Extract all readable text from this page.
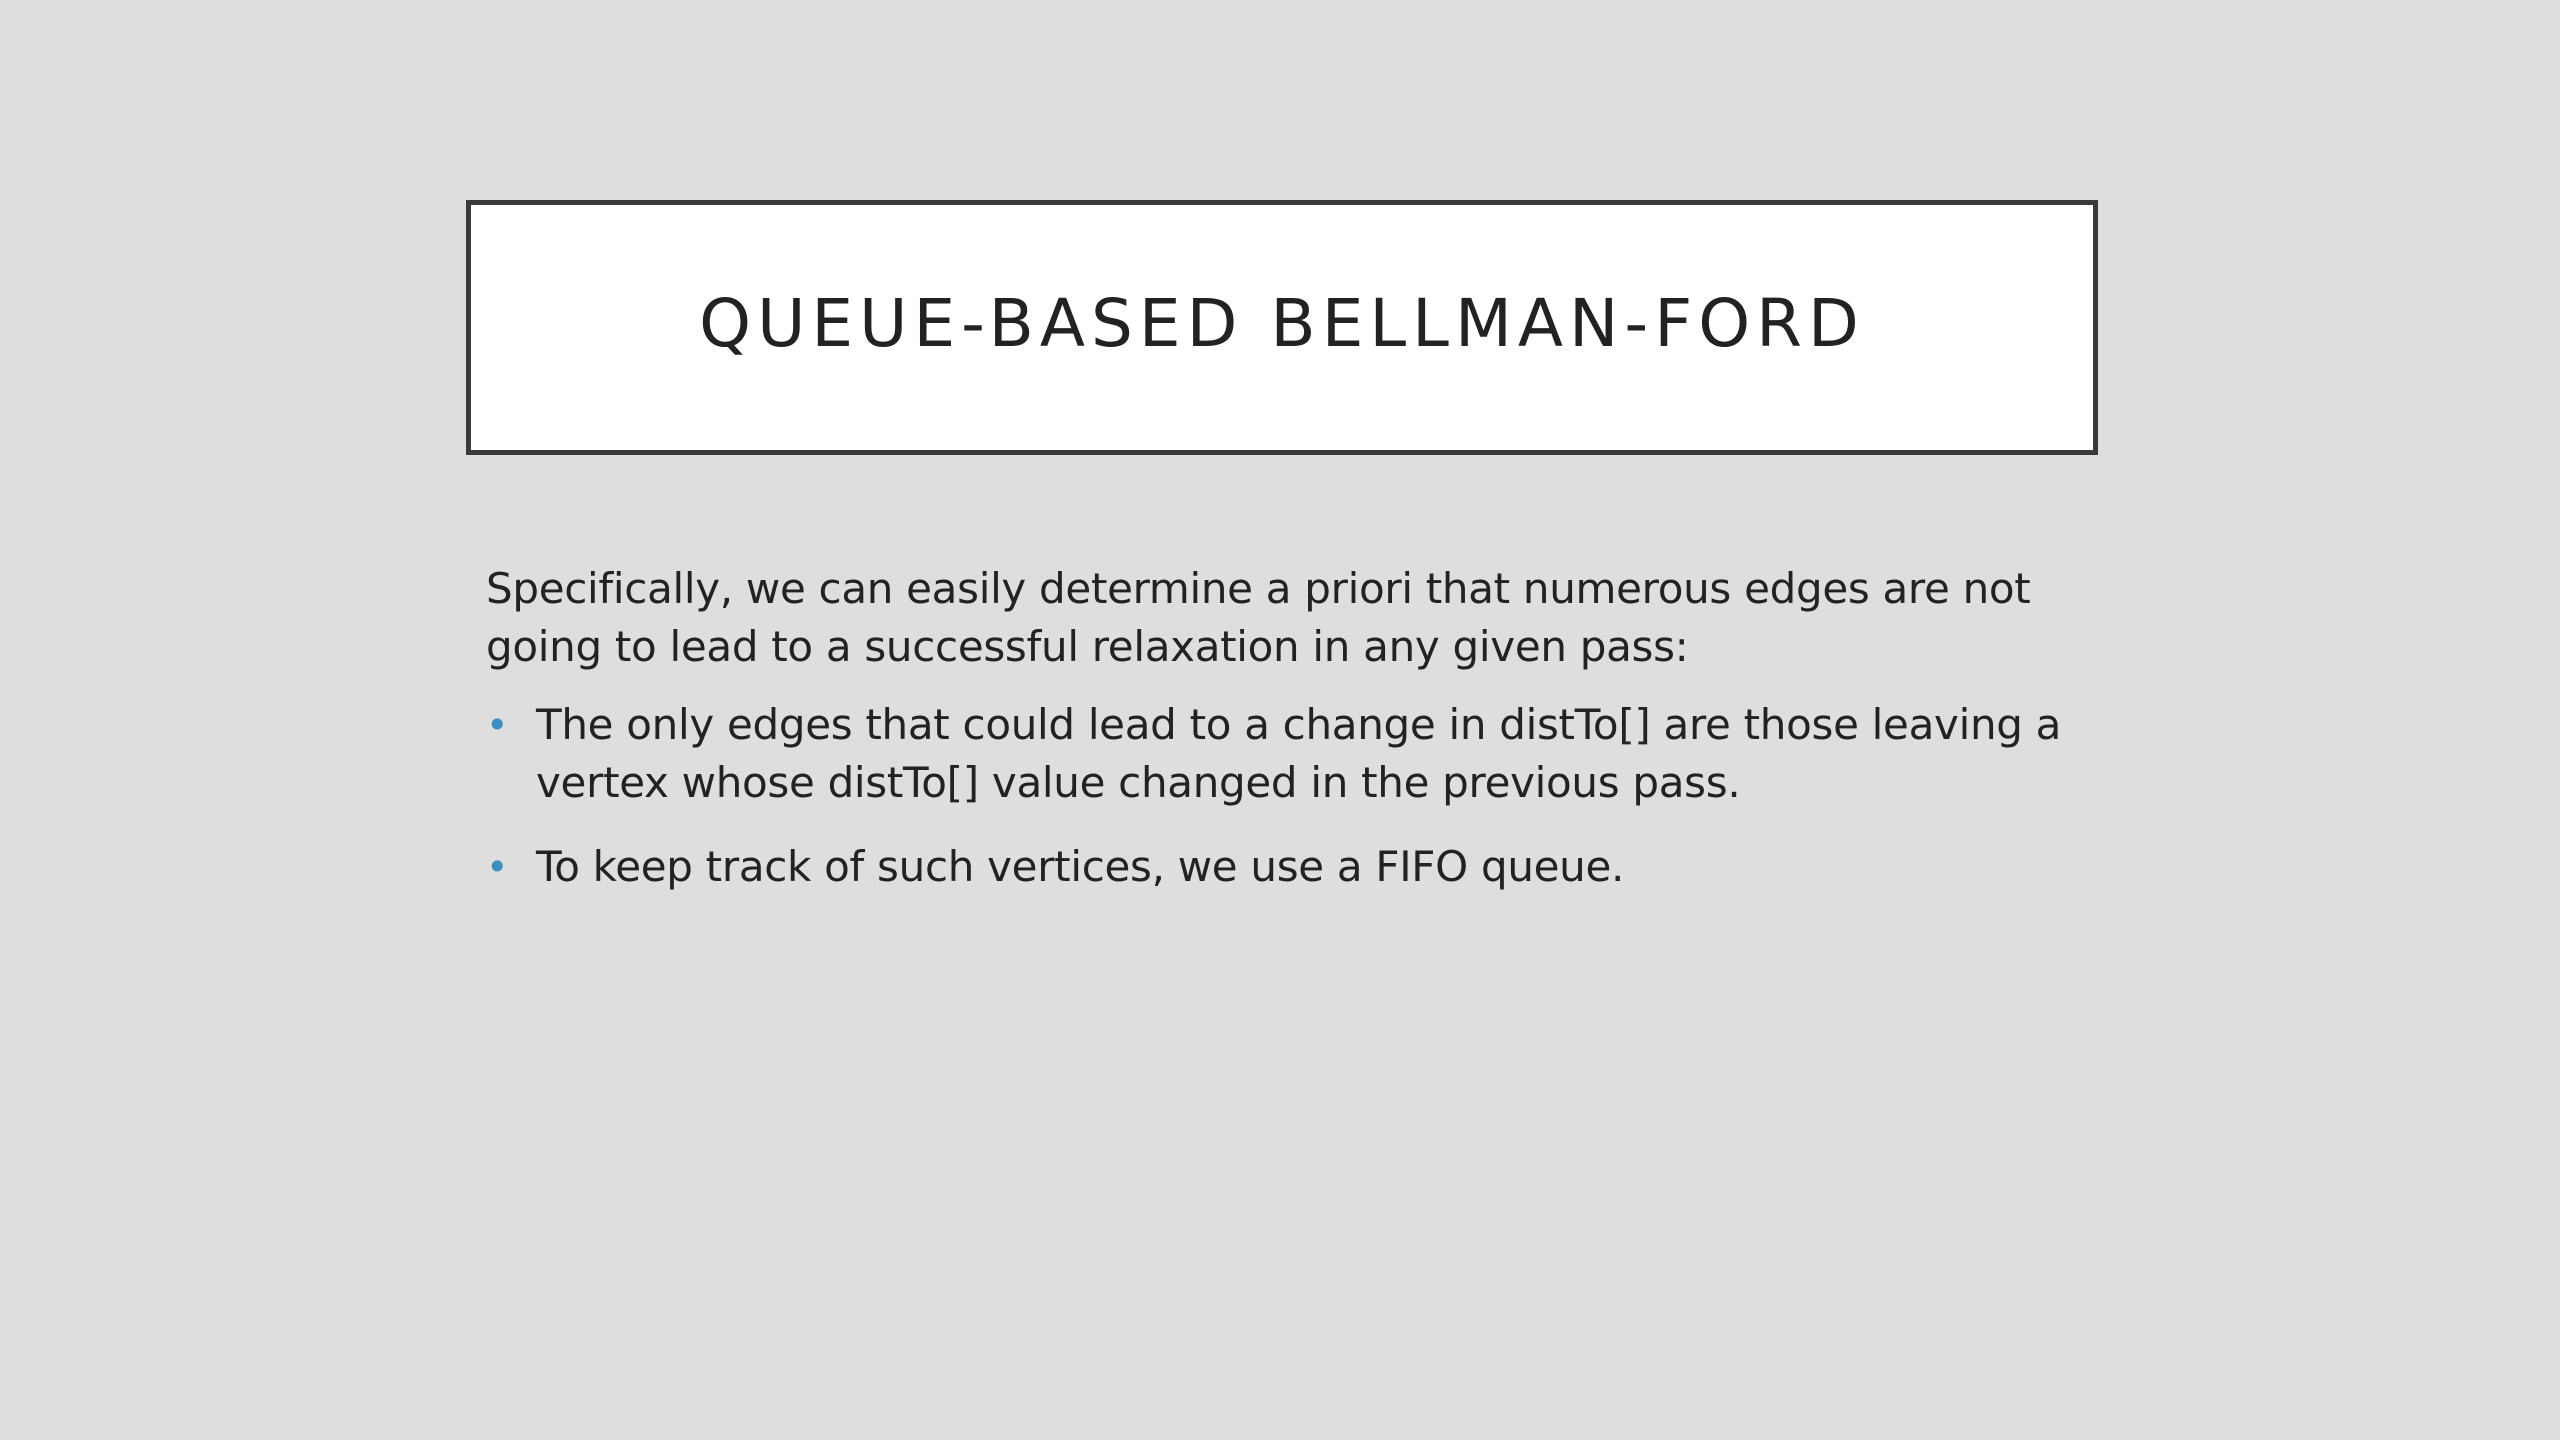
QUEUE-BASED BELLMAN-FORD

Specifically, we can easily determine a priori that numerous edges are not going to lead to a successful relaxation in any given pass:

• The only edges that could lead to a change in distTo[] are those leaving a vertex whose distTo[] value changed in the previous pass.
• To keep track of such vertices, we use a FIFO queue.
